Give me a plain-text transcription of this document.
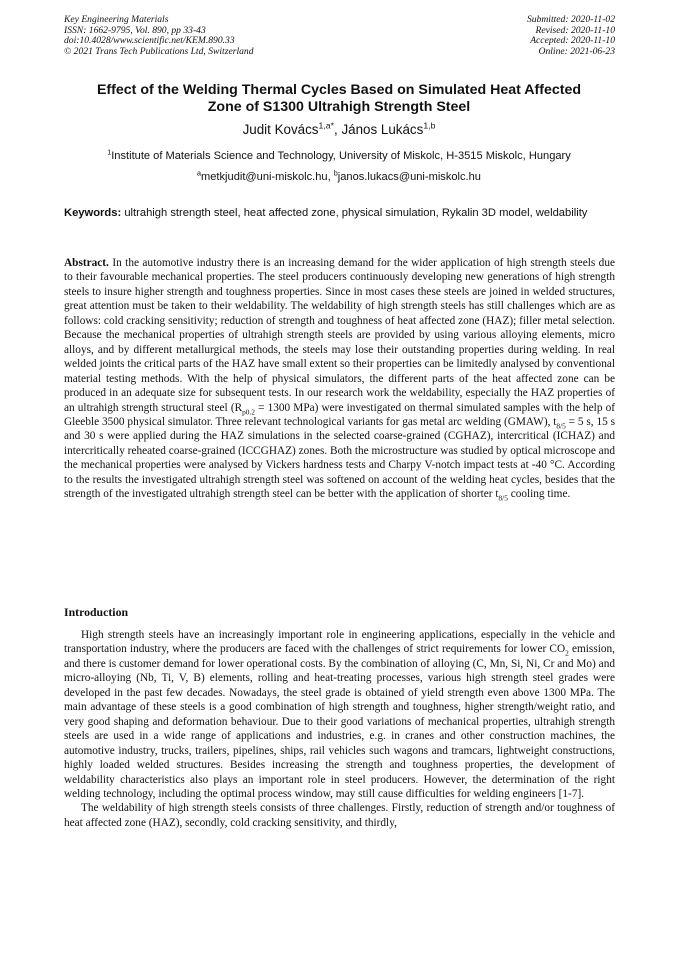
Key Engineering Materials
ISSN: 1662-9795, Vol. 890, pp 33-43
doi:10.4028/www.scientific.net/KEM.890.33
© 2021 Trans Tech Publications Ltd, Switzerland
Submitted: 2020-11-02
Revised: 2020-11-10
Accepted: 2020-11-10
Online: 2021-06-23
Effect of the Welding Thermal Cycles Based on Simulated Heat Affected
Zone of S1300 Ultrahigh Strength Steel
Judit Kovács$^{1,a*}$, János Lukács$^{1,b}$
$^1$Institute of Materials Science and Technology, University of Miskolc, H-3515 Miskolc, Hungary
$^a$metkjudit@uni-miskolc.hu, $^b$janos.lukacs@uni-miskolc.hu
Keywords: ultrahigh strength steel, heat affected zone, physical simulation, Rykalin 3D model, weldability
Abstract. In the automotive industry there is an increasing demand for the wider application of high strength steels due to their favourable mechanical properties. The steel producers continuously developing new generations of high strength steels to insure higher strength and toughness properties. Since in most cases these steels are joined in welded structures, great attention must be taken to their weldability. The weldability of high strength steels has still challenges which are as follows: cold cracking sensitivity; reduction of strength and toughness of heat affected zone (HAZ); filler metal selection. Because the mechanical properties of ultrahigh strength steels are provided by using various alloying elements, micro alloys, and by different metallurgical methods, the steels may lose their outstanding properties during welding. In real welded joints the critical parts of the HAZ have small extent so their properties can be limitedly analysed by conventional material testing methods. With the help of physical simulators, the different parts of the heat affected zone can be produced in an adequate size for subsequent tests. In our research work the weldability, especially the HAZ properties of an ultrahigh strength structural steel ($R_{p0.2} = 1300$ MPa) were investigated on thermal simulated samples with the help of Gleeble 3500 physical simulator. Three relevant technological variants for gas metal arc welding (GMAW), $t_{8/5} = 5$ s, 15 s and 30 s were applied during the HAZ simulations in the selected coarse-grained (CGHAZ), intercritical (ICHAZ) and intercritically reheated coarse-grained (ICCGHAZ) zones. Both the microstructure was studied by optical microscope and the mechanical properties were analysed by Vickers hardness tests and Charpy V-notch impact tests at -40 °C. According to the results the investigated ultrahigh strength steel was softened on account of the welding heat cycles, besides that the strength of the investigated ultrahigh strength steel can be better with the application of shorter $t_{8/5}$ cooling time.
Introduction

High strength steels have an increasingly important role in engineering applications, especially in the vehicle and transportation industry, where the producers are faced with the challenges of strict requirements for lower $CO_2$ emission, and there is customer demand for lower operational costs. By the combination of alloying (C, Mn, Si, Ni, Cr and Mo) and micro-alloying (Nb, Ti, V, B) elements, rolling and heat-treating processes, various high strength steel grades were developed in the past few decades. Nowadays, the steel grade is obtained of yield strength even above 1300 MPa. The main advantage of these steels is a good combination of high strength and toughness, higher strength/weight ratio, and very good shaping and deformation behaviour. Due to their good variations of mechanical properties, ultrahigh strength steels are used in a wide range of applications and industries, e.g. in cranes and other construction machines, the automotive industry, trucks, trailers, pipelines, ships, rail vehicles such wagons and tramcars, lightweight constructions, highly loaded welded structures. Besides increasing the strength and toughness properties, the development of weldability characteristics also plays an important role in steel producers. However, the determination of the right welding technology, including the optimal process window, may still cause difficulties for welding engineers [1-7].

The weldability of high strength steels consists of three challenges. Firstly, reduction of strength and/or toughness of heat affected zone (HAZ), secondly, cold cracking sensitivity, and thirdly,
